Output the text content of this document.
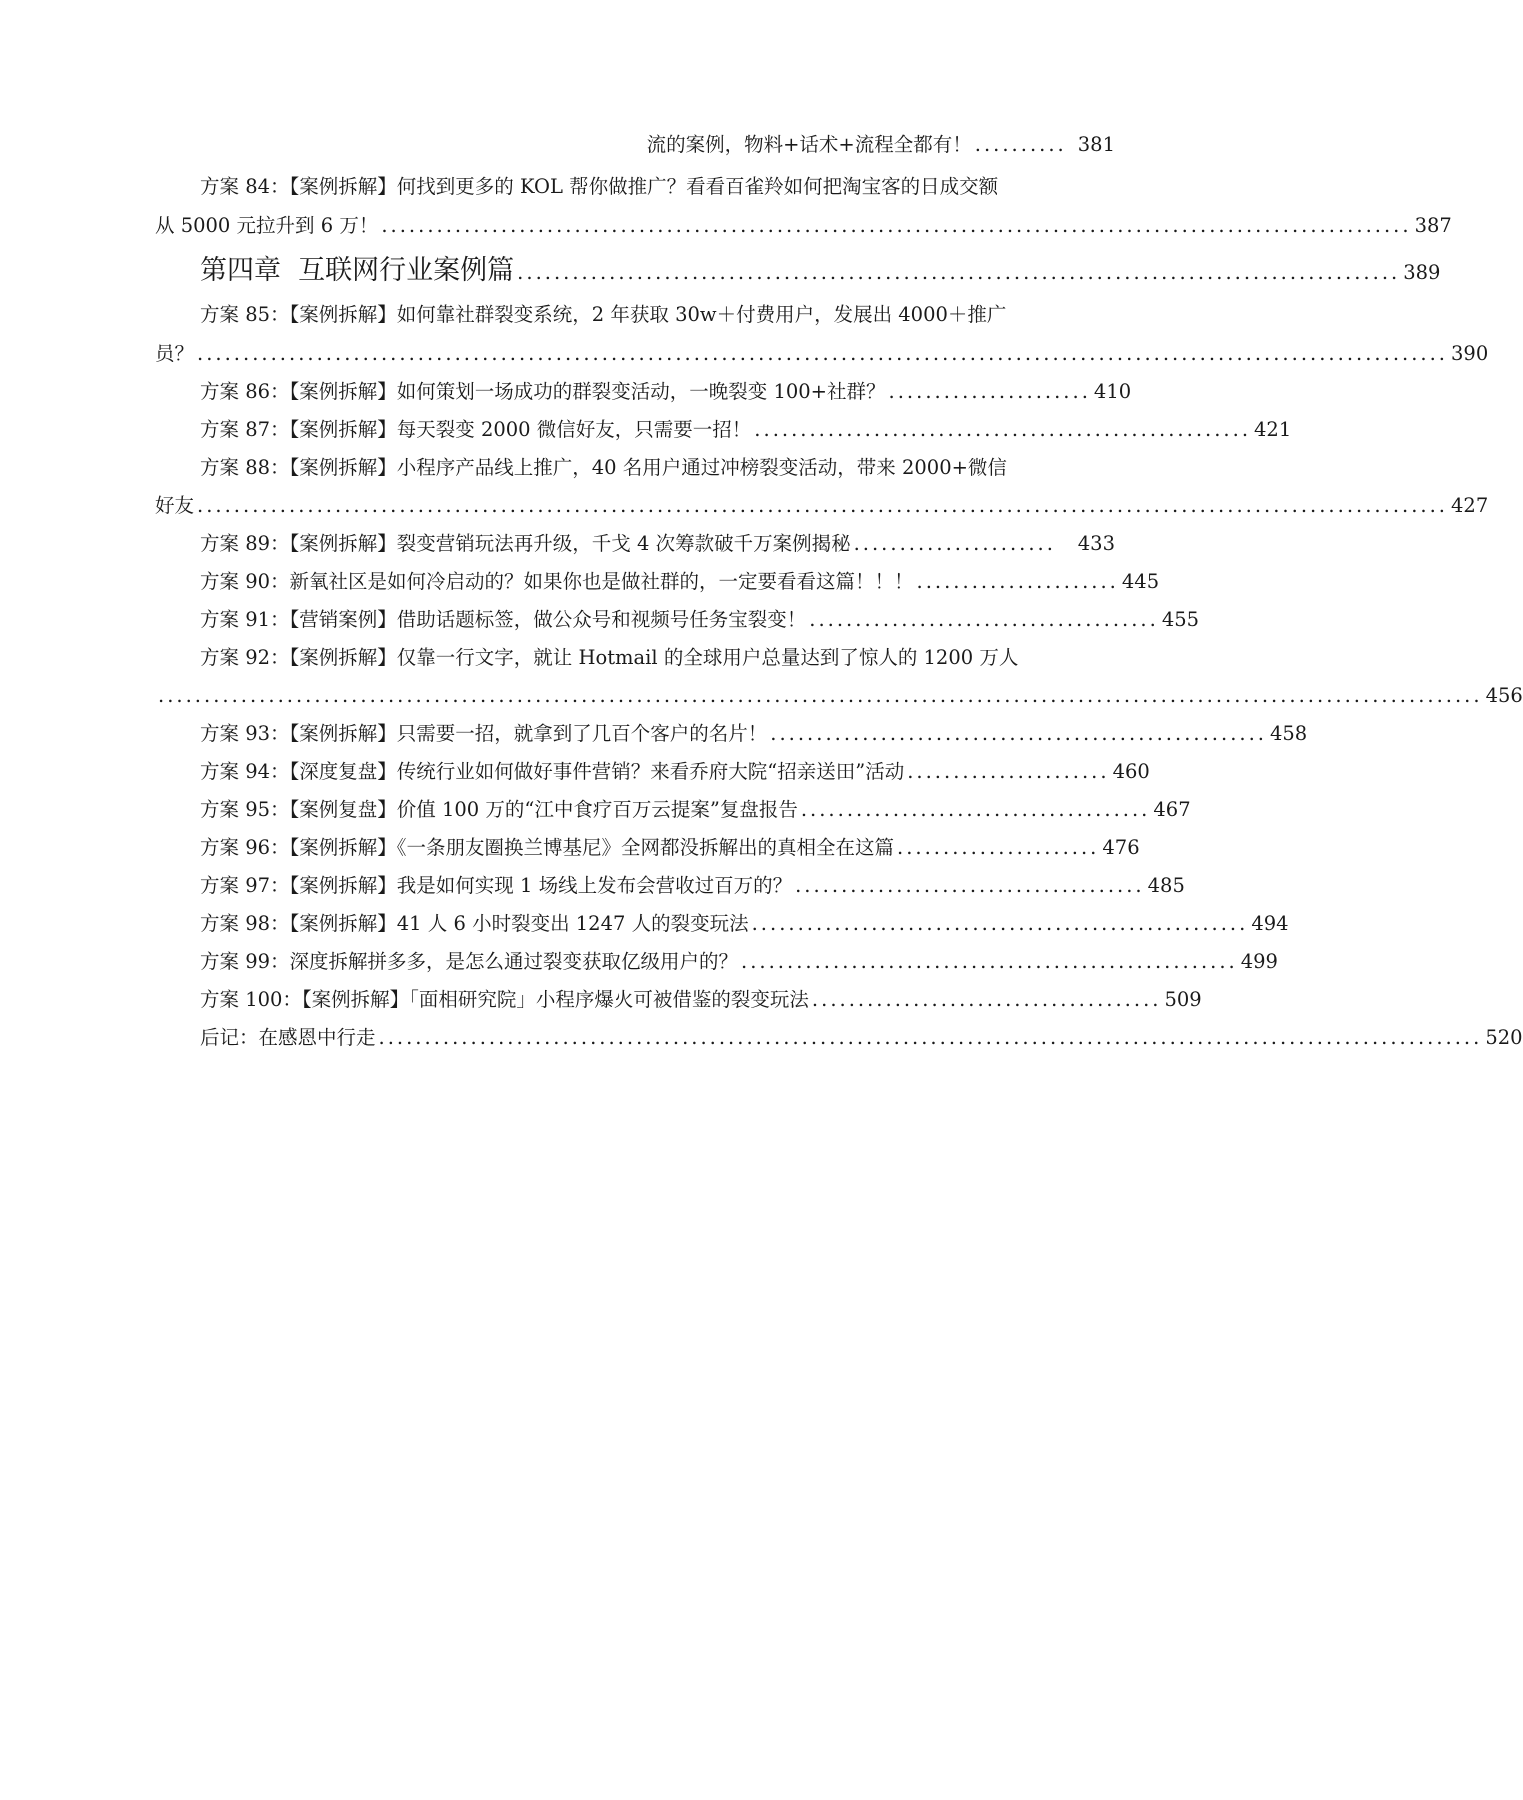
流的案例，物料+话术+流程全都有！ .......... 381
方案 84：【案例拆解】何找到更多的 KOL 帮你做推广？看看百雀羚如何把淘宝客的日成交额
从 5000 元拉升到 6 万！ ................................................................................................................ 387
第四章  互联网行业案例篇 ................................................................................................ 389
方案 85：【案例拆解】如何靠社群裂变系统，2 年获取 30w＋付费用户，发展出 4000＋推广
员？ ........................................................................................................................................ 390
方案 86：【案例拆解】如何策划一场成功的群裂变活动，一晚裂变 100+社群？ ...................... 410
方案 87：【案例拆解】每天裂变 2000 微信好友，只需要一招！ ...................................................... 421
方案 88：【案例拆解】小程序产品线上推广，40 名用户通过冲榜裂变活动，带来 2000+微信
好友 ........................................................................................................................................ 427
方案 89：【案例拆解】裂变营销玩法再升级，千戈 4 次筹款破千万案例揭秘 ......................	433
方案 90：新氧社区是如何冷启动的？如果你也是做社群的，一定要看看这篇！！！ ...................... 445
方案 91：【营销案例】借助话题标签，做公众号和视频号任务宝裂变！ ...................................... 455
方案 92：【案例拆解】仅靠一行文字，就让 Hotmail 的全球用户总量达到了惊人的 1200 万人
................................................................................................................................................ 456
方案 93：【案例拆解】只需要一招，就拿到了几百个客户的名片！ ...................................................... 458
方案 94：【深度复盘】传统行业如何做好事件营销？来看乔府大院“招亲送田”活动 ...................... 460
方案 95：【案例复盘】价值 100 万的“江中食疗百万云提案”复盘报告 ...................................... 467
方案 96：【案例拆解】《一条朋友圈换兰博基尼》全网都没拆解出的真相全在这篇 ...................... 476
方案 97：【案例拆解】我是如何实现 1 场线上发布会营收过百万的？ ...................................... 485
方案 98：【案例拆解】41 人 6 小时裂变出 1247 人的裂变玩法 ...................................................... 494
方案 99：深度拆解拼多多，是怎么通过裂变获取亿级用户的？ ...................................................... 499
方案 100：【案例拆解】「面相研究院」小程序爆火可被借鉴的裂变玩法 ...................................... 509
后记：在感恩中行走 ........................................................................................................................ 520
